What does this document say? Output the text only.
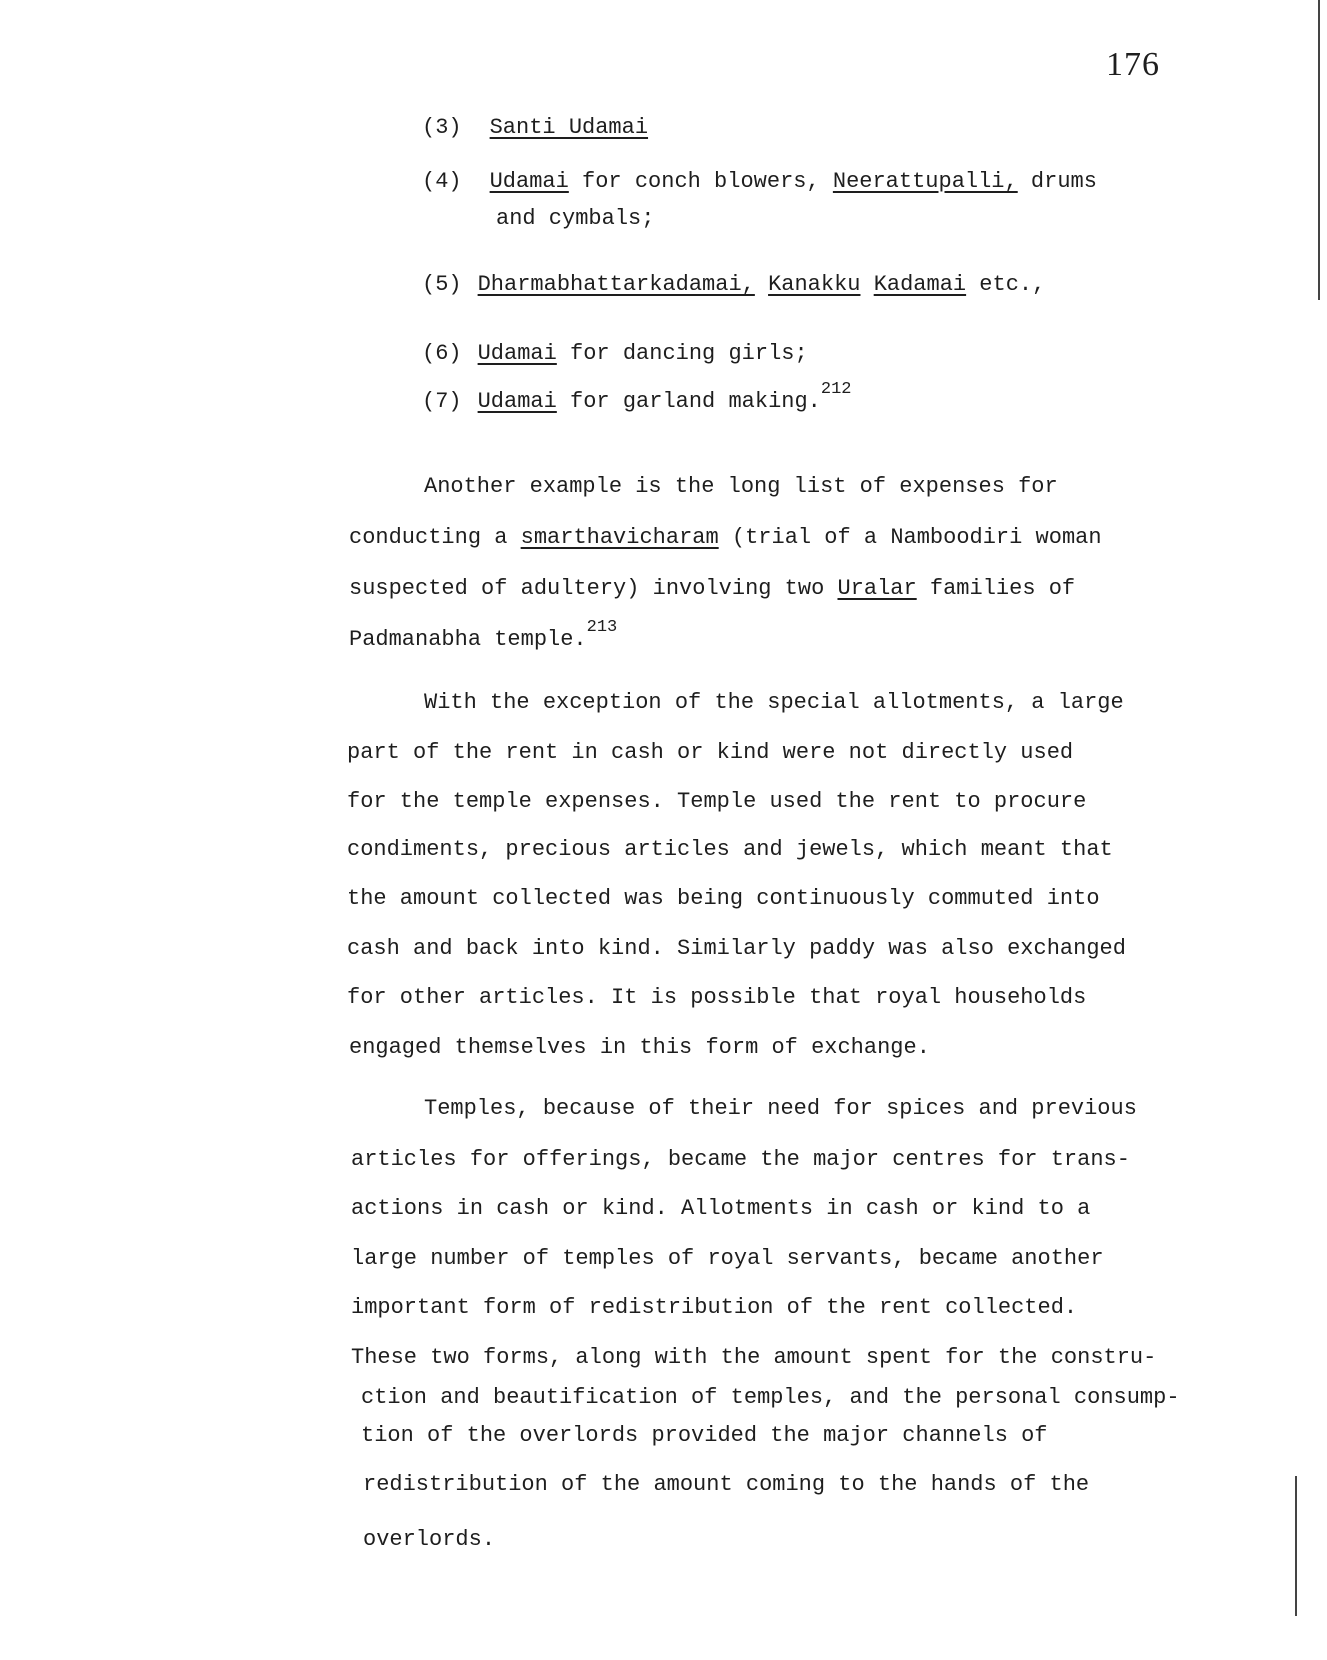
176
(3) Santi Udamai
(4) Udamai for conch blowers, Neerattupalli, drums
and cymbals;
(5) Dharmabhattarkadamai, Kanakku Kadamai etc.,
(6) Udamai for dancing girls;
(7) Udamai for garland making.$^{212}$
Another example is the long list of expenses for
conducting a smarthavicharam (trial of a Namboodiri woman
suspected of adultery) involving two Uralar families of
Padmanabha temple.$^{213}$
With the exception of the special allotments, a large
part of the rent in cash or kind were not directly used
for the temple expenses. Temple used the rent to procure
condiments, precious articles and jewels, which meant that
the amount collected was being continuously commuted into
cash and back into kind. Similarly paddy was also exchanged
for other articles. It is possible that royal households
engaged themselves in this form of exchange.
Temples, because of their need for spices and previous
articles for offerings, became the major centres for trans-
actions in cash or kind. Allotments in cash or kind to a
large number of temples of royal servants, became another
important form of redistribution of the rent collected.
These two forms, along with the amount spent for the constru-
ction and beautification of temples, and the personal consump-
tion of the overlords provided the major channels of
redistribution of the amount coming to the hands of the
overlords.
